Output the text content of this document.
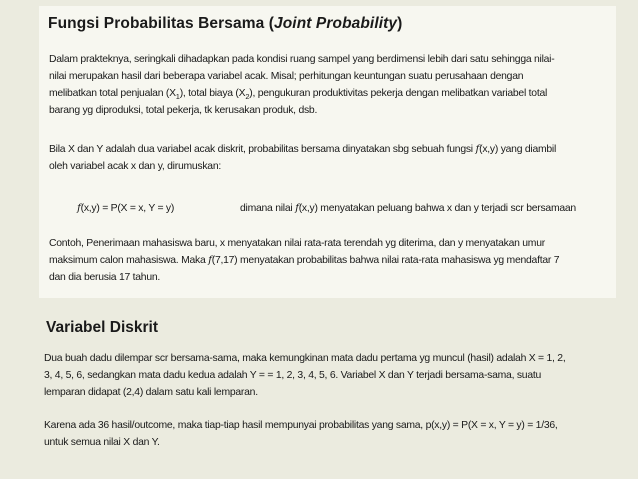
Fungsi Probabilitas Bersama (Joint Probability)
Dalam prakteknya, seringkali dihadapkan pada kondisi ruang sampel yang berdimensi lebih dari satu sehingga nilai-
nilai merupakan hasil dari beberapa variabel acak. Misal; perhitungan keuntungan suatu perusahaan dengan
melibatkan total penjualan $(X_1)$, total biaya $(X_2)$, pengukuran produktivitas pekerja dengan melibatkan variabel total
barang yg diproduksi, total pekerja, tk kerusakan produk, dsb.
Bila X dan Y adalah dua variabel acak diskrit, probabilitas bersama dinyatakan sbg sebuah fungsi f(x,y) yang diambil
oleh variabel acak x dan y, dirumuskan:
f(x,y) = P(X = x, Y = y)	dimana nilai f(x,y) menyatakan peluang bahwa x dan y terjadi scr bersamaan
Contoh, Penerimaan mahasiswa baru, x menyatakan nilai rata-rata terendah yg diterima, dan y menyatakan umur
maksimum calon mahasiswa. Maka f(7,17) menyatakan probabilitas bahwa nilai rata-rata mahasiswa yg mendaftar 7
dan dia berusia 17 tahun.
Variabel Diskrit
Dua buah dadu dilempar scr bersama-sama, maka kemungkinan mata dadu pertama yg muncul (hasil) adalah X = 1, 2,
3, 4, 5, 6, sedangkan mata dadu kedua adalah Y = = 1, 2, 3, 4, 5, 6. Variabel X dan Y terjadi bersama-sama, suatu
lemparan didapat (2,4) dalam satu kali lemparan.
Karena ada 36 hasil/outcome, maka tiap-tiap hasil mempunyai probabilitas yang sama, p(x,y) = P(X = x, Y = y) = 1/36,
untuk semua nilai X dan Y.
